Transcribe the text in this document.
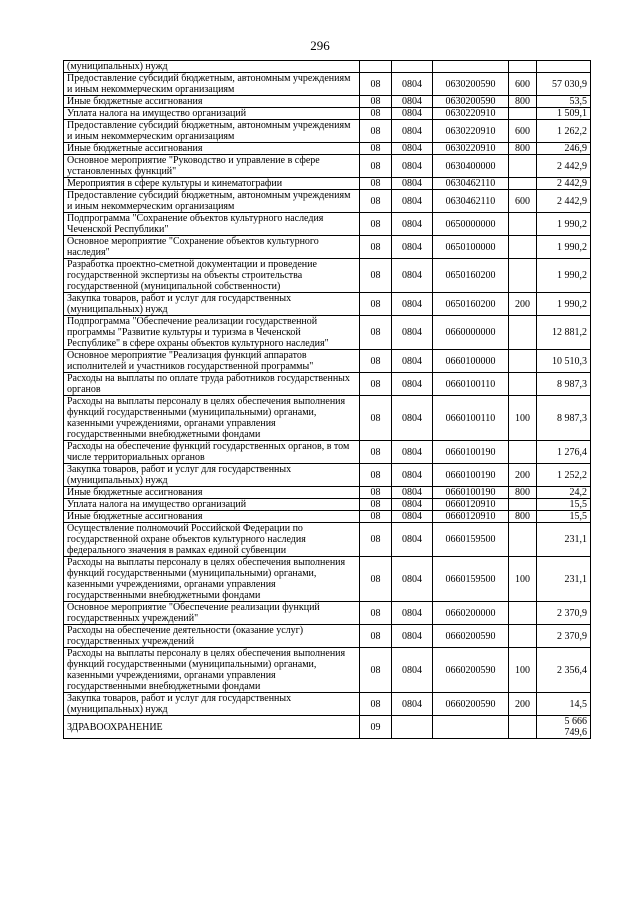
296
(муниципальных) нужд					
Предоставление субсидий бюджетным, автономным учреждениям и иным некоммерческим организациям	08	0804	0630200590	600	57 030,9
Иные бюджетные ассигнования	08	0804	0630200590	800	53,5
Уплата налога на имущество организаций	08	0804	0630220910		1 509,1
Предоставление субсидий бюджетным, автономным учреждениям и иным некоммерческим организациям	08	0804	0630220910	600	1 262,2
Иные бюджетные ассигнования	08	0804	0630220910	800	246,9
Основное мероприятие "Руководство и управление в сфере установленных функций"	08	0804	0630400000		2 442,9
Мероприятия в сфере культуры и кинематографии	08	0804	0630462110		2 442,9
Предоставление субсидий бюджетным, автономным учреждениям и иным некоммерческим организациям	08	0804	0630462110	600	2 442,9
Подпрограмма "Сохранение объектов культурного наследия Чеченской Республики"	08	0804	0650000000		1 990,2
Основное мероприятие "Сохранение объектов культурного наследия"	08	0804	0650100000		1 990,2
Разработка проектно-сметной документации и проведение государственной экспертизы на объекты строительства государственной (муниципальной собственности)	08	0804	0650160200		1 990,2
Закупка товаров, работ и услуг для государственных (муниципальных) нужд	08	0804	0650160200	200	1 990,2
Подпрограмма "Обеспечение реализации государственной программы "Развитие культуры и туризма в Чеченской Республике" в сфере охраны объектов культурного наследия"	08	0804	0660000000		12 881,2
Основное мероприятие "Реализация функций аппаратов исполнителей и участников государственной программы"	08	0804	0660100000		10 510,3
Расходы на выплаты по оплате труда работников государственных органов	08	0804	0660100110		8 987,3
Расходы на выплаты персоналу в целях обеспечения выполнения функций государственными (муниципальными) органами, казенными учреждениями, органами управления государственными внебюджетными фондами	08	0804	0660100110	100	8 987,3
Расходы на обеспечение функций государственных органов, в том числе территориальных органов	08	0804	0660100190		1 276,4
Закупка товаров, работ и услуг для государственных (муниципальных) нужд	08	0804	0660100190	200	1 252,2
Иные бюджетные ассигнования	08	0804	0660100190	800	24,2
Уплата налога на имущество организаций	08	0804	0660120910		15,5
Иные бюджетные ассигнования	08	0804	0660120910	800	15,5
Осуществление полномочий Российской Федерации по государственной охране объектов культурного наследия федерального значения в рамках единой субвенции	08	0804	0660159500		231,1
Расходы на выплаты персоналу в целях обеспечения выполнения функций государственными (муниципальными) органами, казенными учреждениями, органами управления государственными внебюджетными фондами	08	0804	0660159500	100	231,1
Основное мероприятие "Обеспечение реализации функций государственных учреждений"	08	0804	0660200000		2 370,9
Расходы на обеспечение деятельности (оказание услуг) государственных учреждений	08	0804	0660200590		2 370,9
Расходы на выплаты персоналу в целях обеспечения выполнения функций государственными (муниципальными) органами, казенными учреждениями, органами управления государственными внебюджетными фондами	08	0804	0660200590	100	2 356,4
Закупка товаров, работ и услуг для государственных (муниципальных) нужд	08	0804	0660200590	200	14,5
ЗДРАВООХРАНЕНИЕ	09				5 666 749,6
